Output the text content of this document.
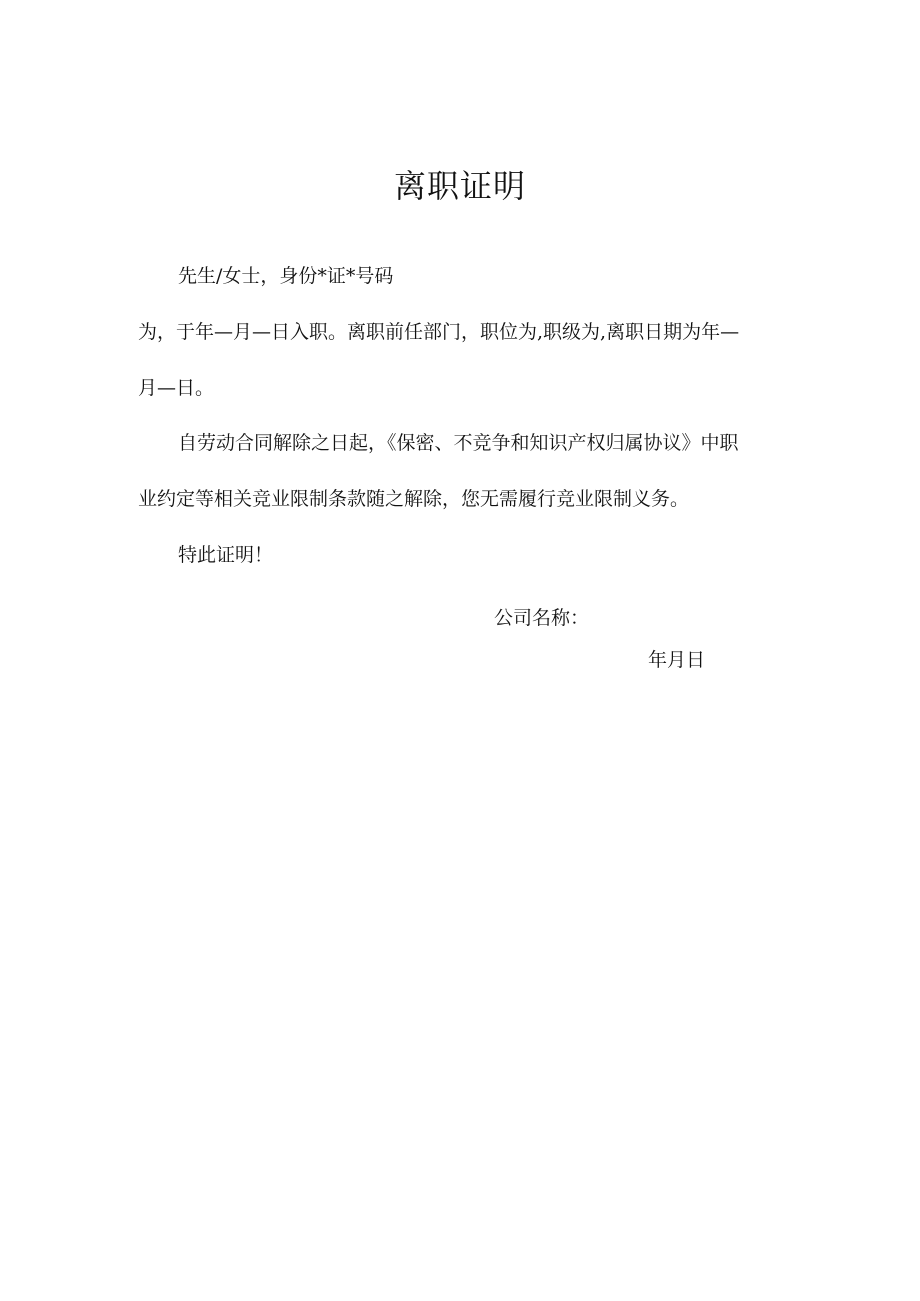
离职证明

先生/女士，身份*证*号码

为，于年—月—日入职。离职前任部门，职位为,职级为,离职日期为年—

月—日。

自劳动合同解除之日起，《保密、不竞争和知识产权归属协议》中职

业约定等相关竞业限制条款随之解除，您无需履行竞业限制义务。

特此证明！

公司名称：
年月日
